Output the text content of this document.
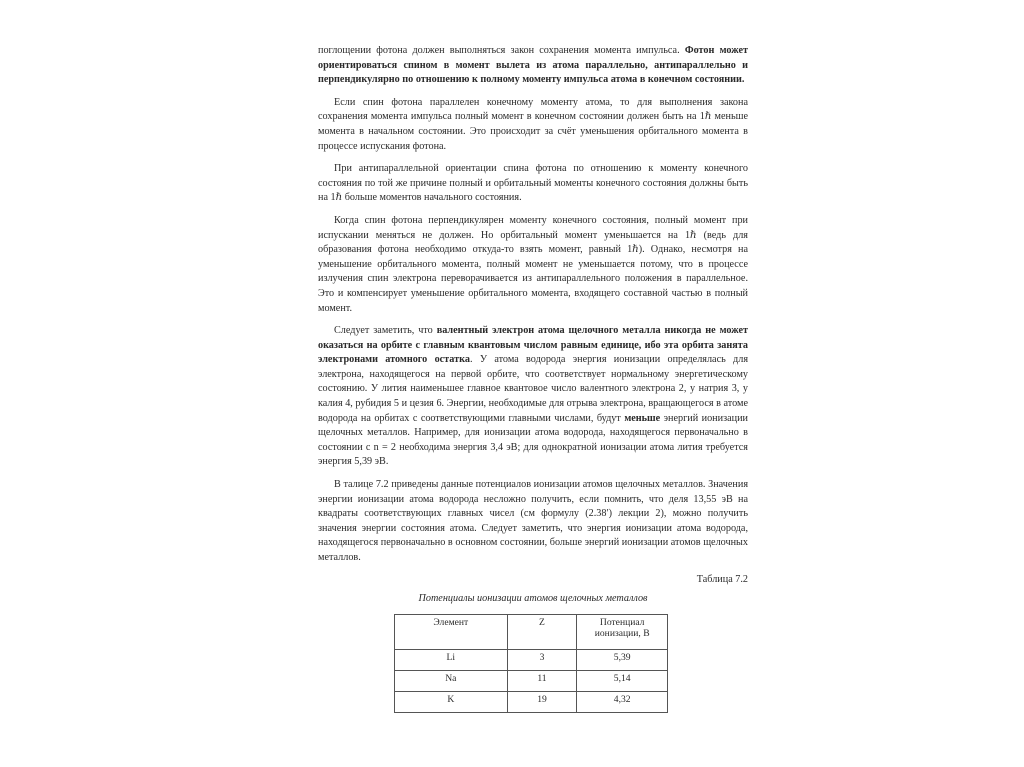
поглощении фотона должен выполняться закон сохранения момента импульса. Фотон может ориентироваться спином в момент вылета из атома параллельно, антипараллельно и перпендикулярно по отношению к полному моменту импульса атома в конечном состоянии.

Если спин фотона параллелен конечному моменту атома, то для выполнения закона сохранения момента импульса полный момент в конечном состоянии должен быть на 1ℏ меньше момента в начальном состоянии. Это происходит за счёт уменьшения орбитального момента в процессе испускания фотона.

При антипараллельной ориентации спина фотона по отношению к моменту конечного состояния по той же причине полный и орбитальный моменты конечного состояния должны быть на 1ℏ больше моментов начального состояния.

Когда спин фотона перпендикулярен моменту конечного состояния, полный момент при испускании меняться не должен. Но орбитальный момент уменьшается на 1ℏ (ведь для образования фотона необходимо откуда-то взять момент, равный 1ℏ). Однако, несмотря на уменьшение орбитального момента, полный момент не уменьшается потому, что в процессе излучения спин электрона переворачивается из антипараллельного положения в параллельное. Это и компенсирует уменьшение орбитального момента, входящего составной частью в полный момент.

Следует заметить, что валентный электрон атома щелочного металла никогда не может оказаться на орбите с главным квантовым числом равным единице, ибо эта орбита занята электронами атомного остатка. У атома водорода энергия ионизации определялась для электрона, находящегося на первой орбите, что соответствует нормальному энергетическому состоянию. У лития наименьшее главное квантовое число валентного электрона 2, у натрия 3, у калия 4, рубидия 5 и цезия 6. Энергии, необходимые для отрыва электрона, вращающегося в атоме водорода на орбитах с соответствующими главными числами, будут меньше энергий ионизации щелочных металлов. Например, для ионизации атома водорода, находящегося первоначально в состоянии с n = 2 необходима энергия 3,4 эВ; для однократной ионизации атома лития требуется энергия 5,39 эВ.

В талице 7.2 приведены данные потенциалов ионизации атомов щелочных металлов. Значения энергии ионизации атома водорода несложно получить, если помнить, что деля 13,55 эВ на квадраты соответствующих главных чисел (см формулу (2.38′) лекции 2), можно получить значения энергии состояния атома. Следует заметить, что энергия ионизации атома водорода, находящегося первоначально в основном состоянии, больше энергий ионизации атомов щелочных металлов.

Таблица 7.2
Потенциалы ионизации атомов щелочных металлов
Элемент	Z	Потенциал ионизации, В
Li	3	5,39
Na	11	5,14
K	19	4,32
